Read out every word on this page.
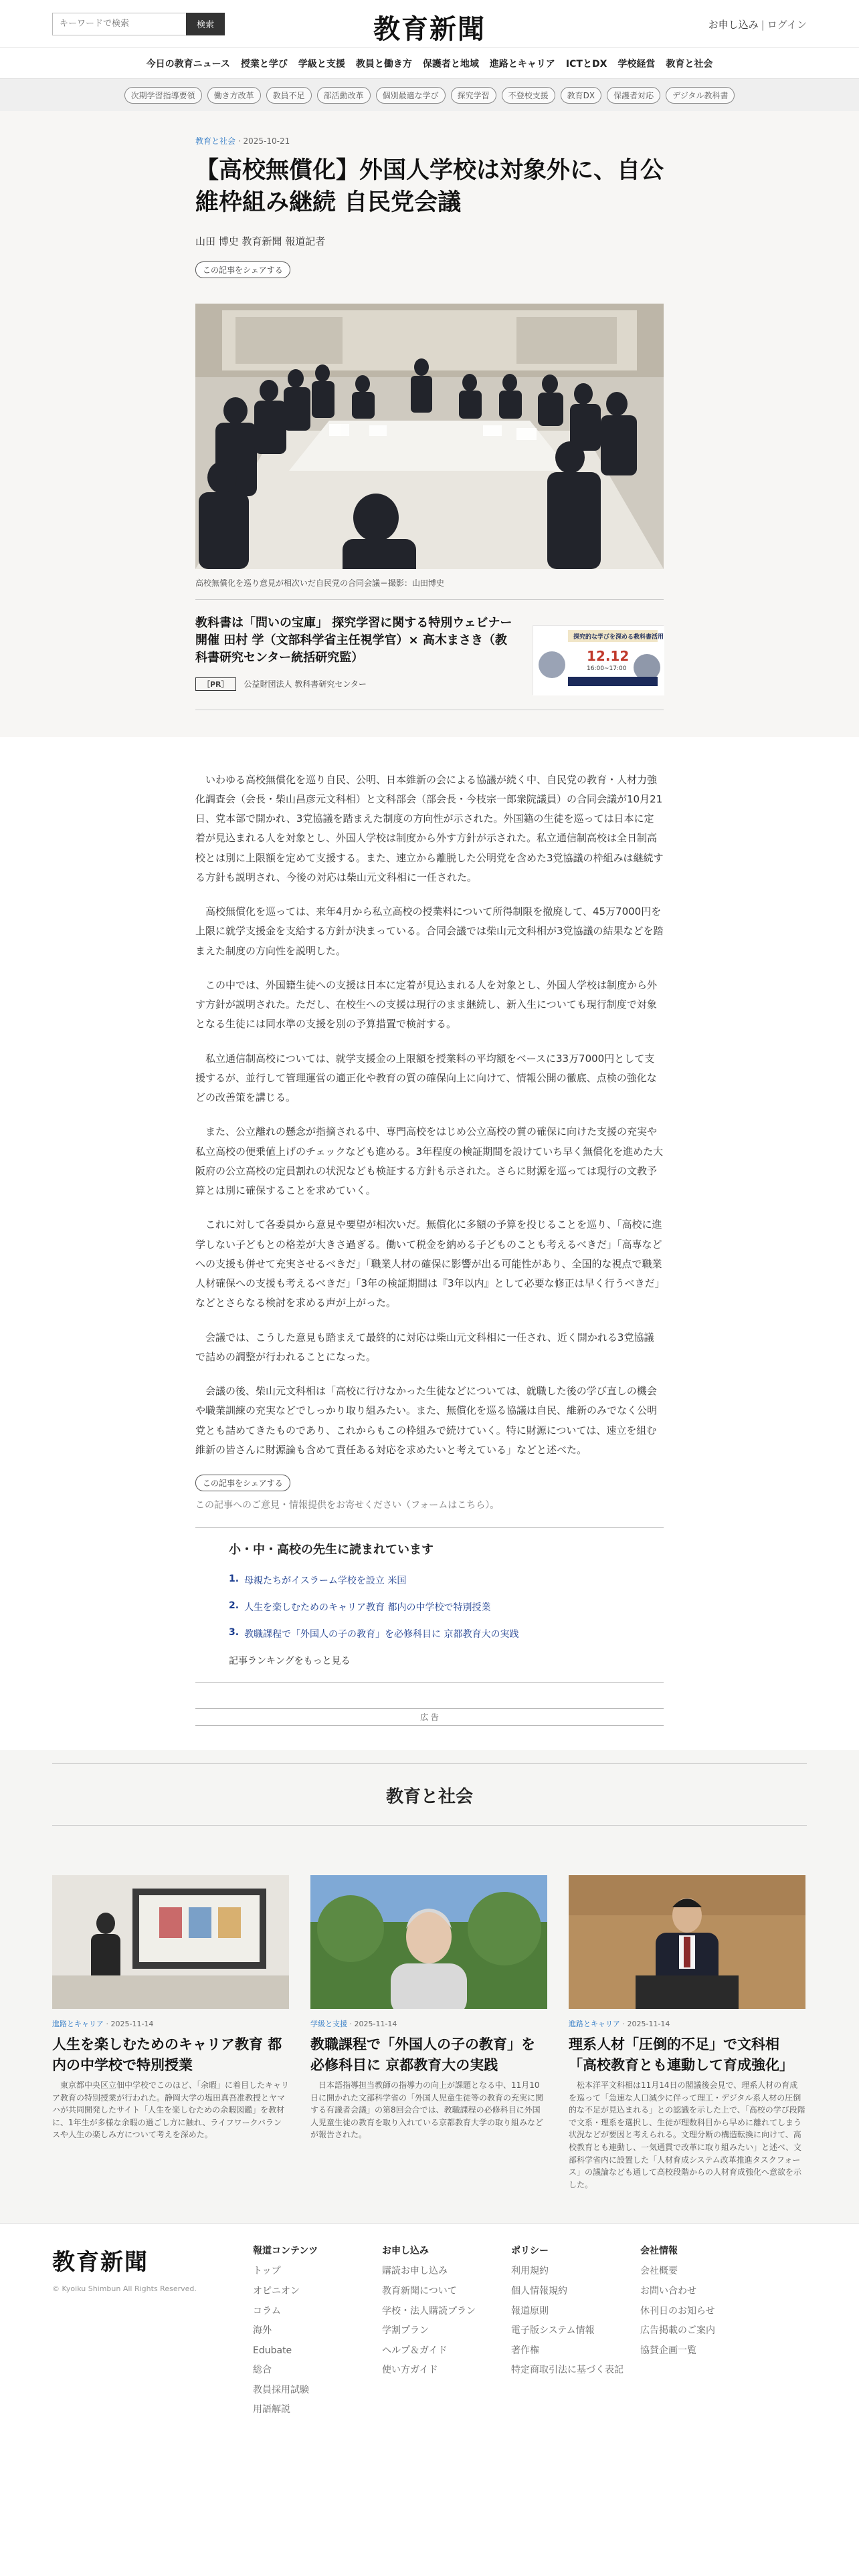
キーワードで検索
検索	教育新聞	お申し込み | ログイン
今日の教育ニュース 授業と学び 学級と支援 教員と働き方 保護者と地域 進路とキャリア ICTとDX 学校経営 教育と社会
次期学習指導要領	働き方改革	教員不足	部活動改革	個別最適な学び	探究学習	不登校支援	教育DX	保護者対応	デジタル教科書
教育と社会 · 2025-10-21
【高校無償化】外国人学校は対象外に、自公維枠組み継続 自民党会議
山田 博史 教育新聞 報道記者
この記事をシェアする
高校無償化を巡り意見が相次いだ自民党の合同会議＝撮影：山田博史
教科書は「問いの宝庫」 探究学習に関する特別ウェビナー開催 田村 学（文部科学省主任視学官）× 高木まさき（教科書研究センター統括研究監）
［PR］	公益財団法人 教科書研究センター
探究的な学びを深める教科書活用
12.12
16:00~17:00

いわゆる高校無償化を巡り自民、公明、日本維新の会による協議が続く中、自民党の教育・人材力強化調査会（会長・柴山昌彦元文科相）と文科部会（部会長・今枝宗一郎衆院議員）の合同会議が10月21日、党本部で開かれ、3党協議を踏まえた制度の方向性が示された。外国籍の生徒を巡っては日本に定着が見込まれる人を対象とし、外国人学校は制度から外す方針が示された。私立通信制高校は全日制高校とは別に上限額を定めて支援する。また、速立から離脱した公明党を含めた3党協議の枠組みは継続する方針も説明され、今後の対応は柴山元文科相に一任された。

高校無償化を巡っては、来年4月から私立高校の授業料について所得制限を撤廃して、45万7000円を上限に就学支援金を支給する方針が決まっている。合同会議では柴山元文科相が3党協議の結果などを踏まえた制度の方向性を説明した。

この中では、外国籍生徒への支援は日本に定着が見込まれる人を対象とし、外国人学校は制度から外す方針が説明された。ただし、在校生への支援は現行のまま継続し、新入生についても現行制度で対象となる生徒には同水準の支援を別の予算措置で検討する。

私立通信制高校については、就学支援金の上限額を授業料の平均額をベースに33万7000円として支援するが、並行して管理運営の適正化や教育の質の確保向上に向けて、情報公開の徹底、点検の強化などの改善策を講じる。

また、公立離れの懸念が指摘される中、専門高校をはじめ公立高校の質の確保に向けた支援の充実や私立高校の便乗値上げのチェックなども進める。3年程度の検証期間を設けていち早く無償化を進めた大阪府の公立高校の定員割れの状況なども検証する方針も示された。さらに財源を巡っては現行の文教予算とは別に確保することを求めていく。

これに対して各委員から意見や要望が相次いだ。無償化に多額の予算を投じることを巡り、「高校に進学しない子どもとの格差が大きさ過ぎる。働いて税金を納める子どものことも考えるべきだ」「高専などへの支援も併せて充実させるべきだ」「職業人材の確保に影響が出る可能性があり、全国的な視点で職業人材確保への支援も考えるべきだ」「3年の検証期間は『3年以内』として必要な修正は早く行うべきだ」などとさらなる検討を求める声が上がった。

会議では、こうした意見も踏まえて最終的に対応は柴山元文科相に一任され、近く開かれる3党協議で詰めの調整が行われることになった。

会議の後、柴山元文科相は「高校に行けなかった生徒などについては、就職した後の学び直しの機会や職業訓練の充実などでしっかり取り組みたい。また、無償化を巡る協議は自民、維新のみでなく公明党とも詰めてきたものであり、これからもこの枠組みで続けていく。特に財源については、速立を組む維新の皆さんに財源論も含めて責任ある対応を求めたいと考えている」などと述べた。

この記事をシェアする
この記事へのご意見・情報提供をお寄せください（フォームはこちら）。
小・中・高校の先生に読まれています
1. 母親たちがイスラーム学校を設立 米国
2. 人生を楽しむためのキャリア教育 都内の中学校で特別授業
3. 教職課程で「外国人の子の教育」を必修科目に 京都教育大の実践
記事ランキングをもっと見る
広 告
教育と社会
進路とキャリア · 2025-11-14
人生を楽しむためのキャリア教育 都内の中学校で特別授業
東京都中央区立佃中学校でこのほど、「余暇」に着目したキャリア教育の特別授業が行われた。静岡大学の塩田真吾准教授とヤマハが共同開発したサイト「人生を楽しむための余暇図鑑」を教材に、1年生が多様な余暇の過ごし方に触れ、ライフワークバランスや人生の楽しみ方について考えを深めた。
学級と支援 · 2025-11-14
教職課程で「外国人の子の教育」を必修科目に 京都教育大の実践
日本語指導担当教師の指導力の向上が課題となる中、11月10日に開かれた文部科学省の「外国人児童生徒等の教育の充実に関する有識者会議」の第8回会合では、教職課程の必修科目に外国人児童生徒の教育を取り入れている京都教育大学の取り組みなどが報告された。
進路とキャリア · 2025-11-14
理系人材「圧倒的不足」で文科相「高校教育とも連動して育成強化」
松本洋平文科相は11月14日の閣議後会見で、理系人材の育成を巡って「急速な人口減少に伴って理工・デジタル系人材の圧倒的な不足が見込まれる」との認識を示した上で、「高校の学び段階で文系・理系を選択し、生徒が理数科目から早めに離れてしまう状況などが要因と考えられる。文理分断の構造転換に向けて、高校教育とも連動し、一気通貫で改革に取り組みたい」と述べ、文部科学省内に設置した「人材育成システム改革推進タスクフォース」の議論なども通して高校段階からの人材育成強化へ意欲を示した。
教育新聞
© Kyoiku Shimbun All Rights Reserved.
報道コンテンツ
トップ
オピニオン
コラム
海外
Edubate
総合
教員採用試験
用語解説
お申し込み
購読お申し込み
教育新聞について
学校・法人購読プラン
学割プラン
ヘルプ＆ガイド
使い方ガイド
ポリシー
利用規約
個人情報規約
報道原則
電子版システム情報
著作権
特定商取引法に基づく表記
会社情報
会社概要
お問い合わせ
休刊日のお知らせ
広告掲載のご案内
協賛企画一覧
